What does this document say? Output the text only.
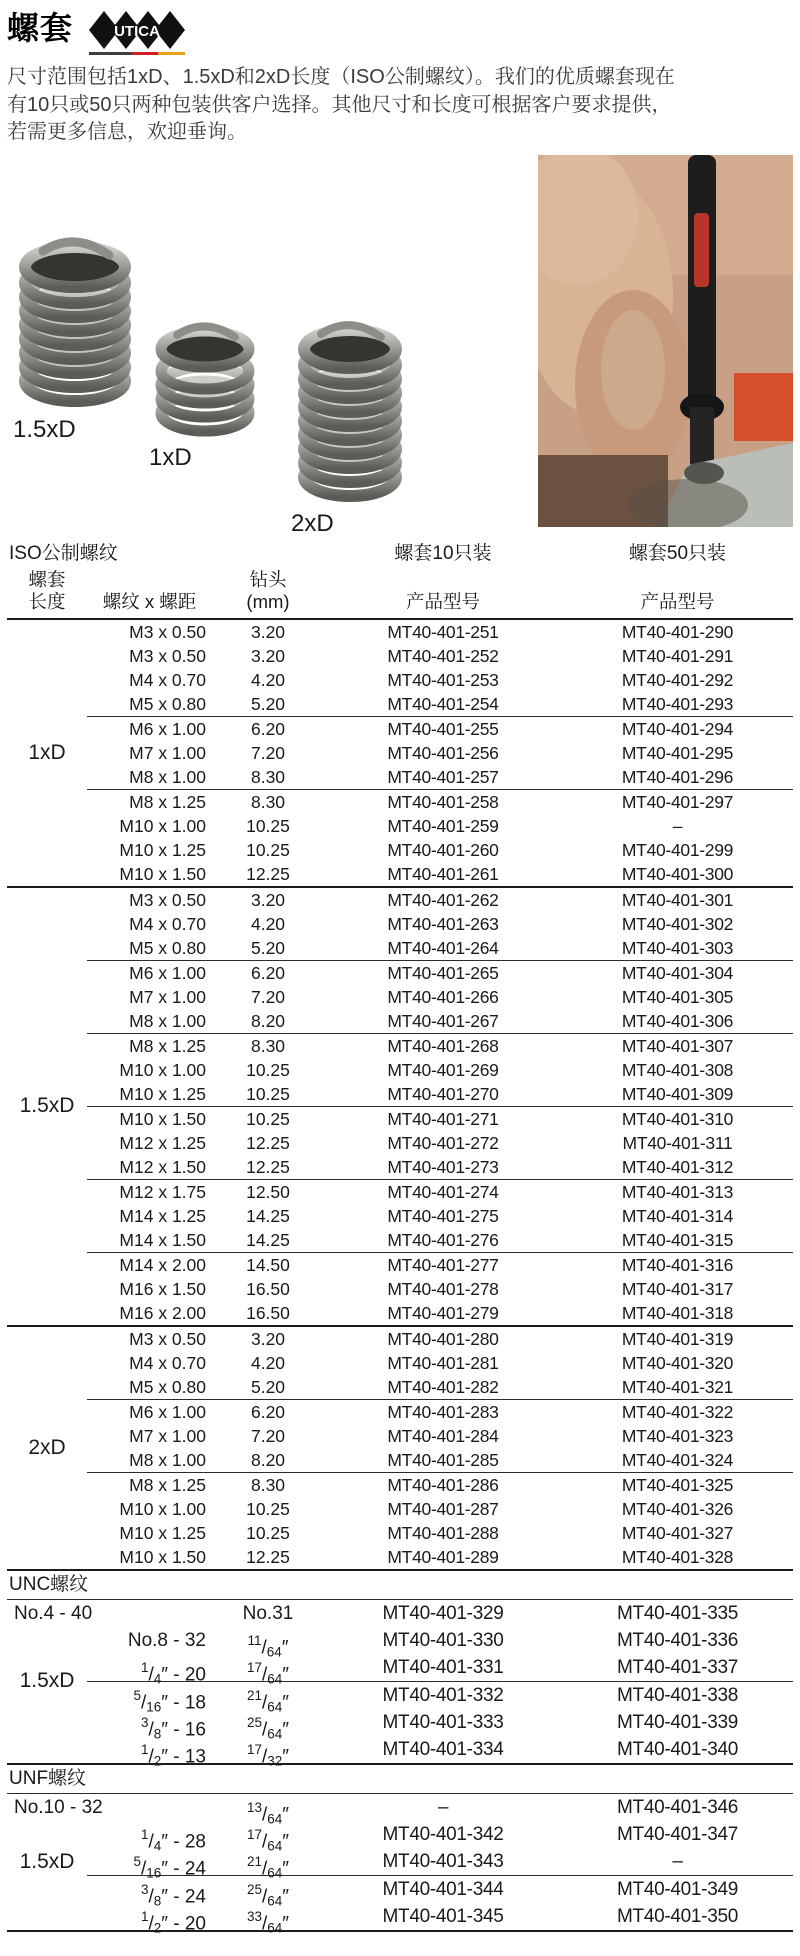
螺套	UTICA

尺寸范围包括1xD、1.5xD和2xD长度（ISO公制螺纹）。我们的优质螺套现在有10只或50只两种包装供客户选择。其他尺寸和长度可根据客户要求提供，若需更多信息，欢迎垂询。

1.5xD
1xD
2xD
ISO公制螺纹	螺套10只装	螺套50只装
螺套
长度	螺纹 x 螺距
钻头
(mm)	产品型号	产品型号
1xD
M3 x 0.50	3.20	MT40-401-251	MT40-401-290
M3 x 0.50	3.20	MT40-401-252	MT40-401-291
M4 x 0.70	4.20	MT40-401-253	MT40-401-292
M5 x 0.80	5.20	MT40-401-254	MT40-401-293
M6 x 1.00	6.20	MT40-401-255	MT40-401-294
M7 x 1.00	7.20	MT40-401-256	MT40-401-295
M8 x 1.00	8.30	MT40-401-257	MT40-401-296
M8 x 1.25	8.30	MT40-401-258	MT40-401-297
M10 x 1.00	10.25	MT40-401-259	–
M10 x 1.25	10.25	MT40-401-260	MT40-401-299
M10 x 1.50	12.25	MT40-401-261	MT40-401-300
1.5xD
M3 x 0.50	3.20	MT40-401-262	MT40-401-301
M4 x 0.70	4.20	MT40-401-263	MT40-401-302
M5 x 0.80	5.20	MT40-401-264	MT40-401-303
M6 x 1.00	6.20	MT40-401-265	MT40-401-304
M7 x 1.00	7.20	MT40-401-266	MT40-401-305
M8 x 1.00	8.20	MT40-401-267	MT40-401-306
M8 x 1.25	8.30	MT40-401-268	MT40-401-307
M10 x 1.00	10.25	MT40-401-269	MT40-401-308
M10 x 1.25	10.25	MT40-401-270	MT40-401-309
M10 x 1.50	10.25	MT40-401-271	MT40-401-310
M12 x 1.25	12.25	MT40-401-272	MT40-401-311
M12 x 1.50	12.25	MT40-401-273	MT40-401-312
M12 x 1.75	12.50	MT40-401-274	MT40-401-313
M14 x 1.25	14.25	MT40-401-275	MT40-401-314
M14 x 1.50	14.25	MT40-401-276	MT40-401-315
M14 x 2.00	14.50	MT40-401-277	MT40-401-316
M16 x 1.50	16.50	MT40-401-278	MT40-401-317
M16 x 2.00	16.50	MT40-401-279	MT40-401-318
2xD
M3 x 0.50	3.20	MT40-401-280	MT40-401-319
M4 x 0.70	4.20	MT40-401-281	MT40-401-320
M5 x 0.80	5.20	MT40-401-282	MT40-401-321
M6 x 1.00	6.20	MT40-401-283	MT40-401-322
M7 x 1.00	7.20	MT40-401-284	MT40-401-323
M8 x 1.00	8.20	MT40-401-285	MT40-401-324
M8 x 1.25	8.30	MT40-401-286	MT40-401-325
M10 x 1.00	10.25	MT40-401-287	MT40-401-326
M10 x 1.25	10.25	MT40-401-288	MT40-401-327
M10 x 1.50	12.25	MT40-401-289	MT40-401-328
UNC螺纹
1.5xD
No.4 - 40	No.31	MT40-401-329	MT40-401-335
No.8 - 32	$^{11}$/64″	MT40-401-330	MT40-401-336
$^1$/4″ - 20	$^{17}$/64″	MT40-401-331	MT40-401-337
$^5$/16″ - 18	$^{21}$/64″	MT40-401-332	MT40-401-338
$^3$/8″ - 16	$^{25}$/64″	MT40-401-333	MT40-401-339
$^1$/2″ - 13	$^{17}$/32″	MT40-401-334	MT40-401-340
UNF螺纹
1.5xD
No.10 - 32	$^{13}$/64″	–	MT40-401-346
$^1$/4″ - 28	$^{17}$/64″	MT40-401-342	MT40-401-347
$^5$/16″ - 24	$^{21}$/64″	MT40-401-343	–
$^3$/8″ - 24	$^{25}$/64″	MT40-401-344	MT40-401-349
$^1$/2″ - 20	$^{33}$/64″	MT40-401-345	MT40-401-350
